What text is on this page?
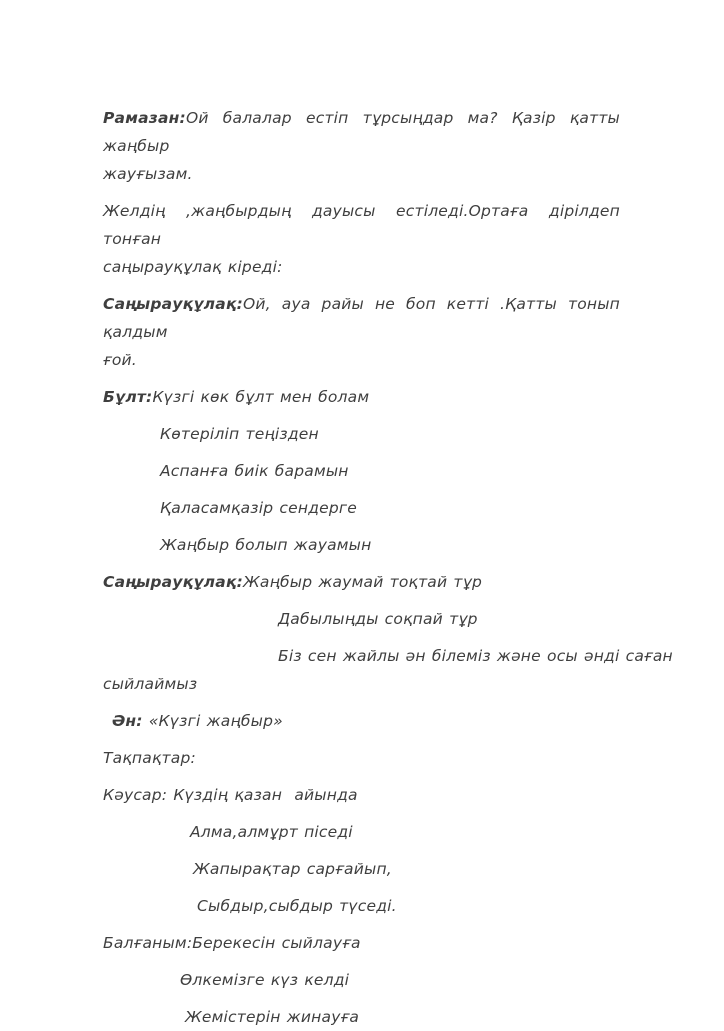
Рамазан:Ой балалар естіп тұрсыңдар ма? Қазір қатты жаңбыр
жауғызам.
Желдің ,жаңбырдың дауысы естіледі.Ортаға дірілдеп тонған
саңырауқұлақ кіреді:
Саңырауқұлақ:Ой, ауа райы не боп кетті .Қатты тонып қалдым
ғой.
Бұлт:Күзгі көк бұлт мен болам
Көтеріліп теңізден
Аспанға биік барамын
Қаласамқазір сендерге
Жаңбыр болып жауамын
Саңырауқұлақ:Жаңбыр жаумай тоқтай тұр
Дабылыңды соқпай тұр
Біз сен жайлы ән білеміз және осы әнді саған
сыйлаймыз
Ән: «Күзгі жаңбыр»
Тақпақтар:
Кәусар: Күздің қазан  айында
Алма,алмұрт піседі
Жапырақтар сарғайып,
Сыбдыр,сыбдыр түседі.
Балғаным:Берекесін сыйлауға
Өлкемізге күз келді
Жемістерін жинауға
